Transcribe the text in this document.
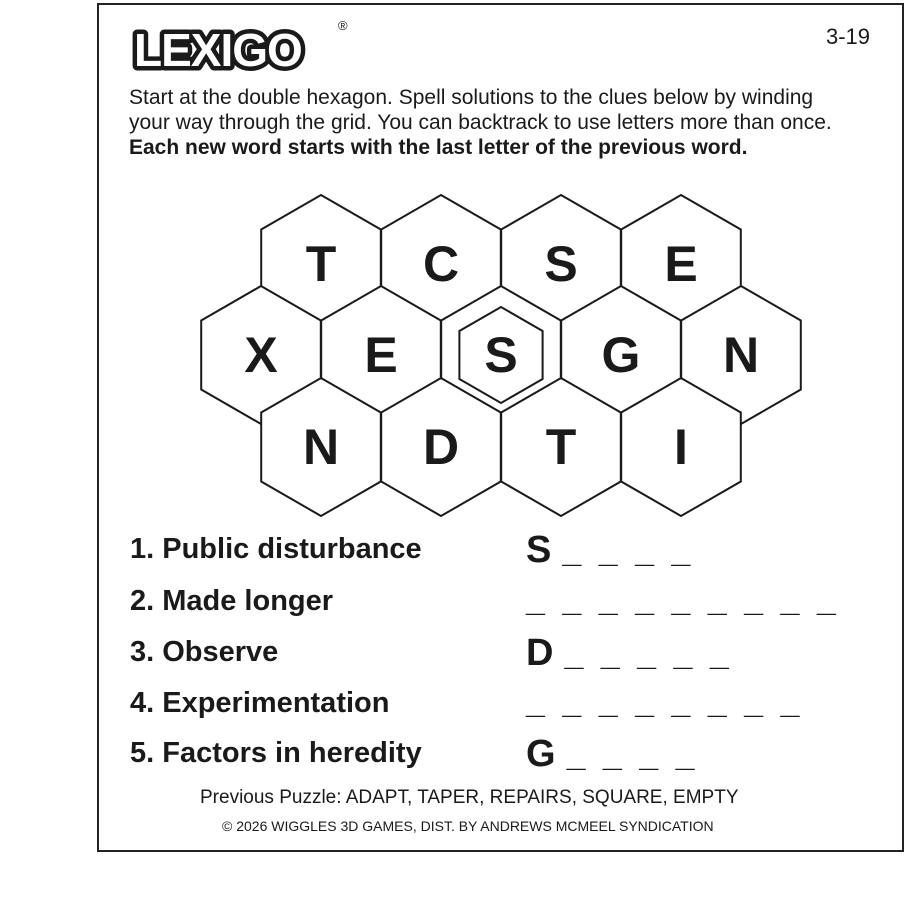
LEXIGO	®	3-19
Start at the double hexagon. Spell solutions to the clues below by winding your way through the grid. You can backtrack to use letters more than once. Each new word starts with the last letter of the previous word.
T C S E
X E S G N
N D T I
1. Public disturbance	S _ _ _ _
2. Made longer	_ _ _ _ _ _ _ _ _
3. Observe	D _ _ _ _ _
4. Experimentation	_ _ _ _ _ _ _ _
5. Factors in heredity	G _ _ _ _
Previous Puzzle: ADAPT, TAPER, REPAIRS, SQUARE, EMPTY
© 2026 WIGGLES 3D GAMES, DIST. BY ANDREWS MCMEEL SYNDICATION
